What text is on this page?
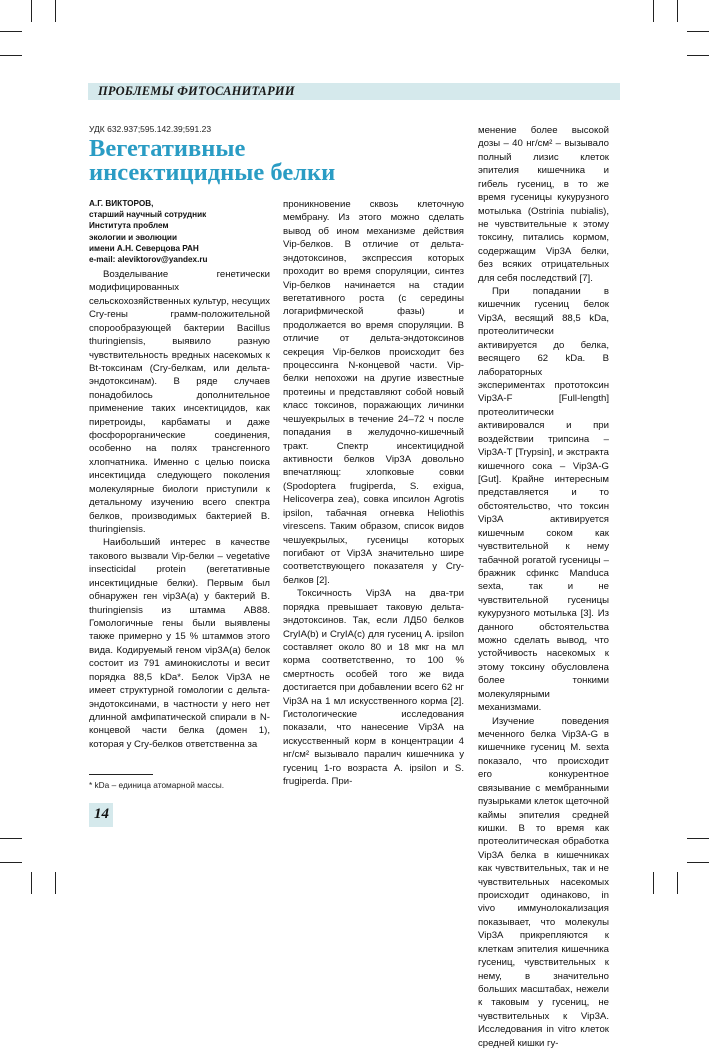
ПРОБЛЕМЫ ФИТОСАНИТАРИИ
УДК 632.937;595.142.39;591.23
Вегетативные
инсектицидные белки
А.Г. ВИКТОРОВ,
старший научный сотрудник
Института проблем
экологии и эволюции
имени А.Н. Северцова РАН
e-mail: aleviktorov@yandex.ru

Возделывание генетически модифицированных сельскохозяйственных культур, несущих Cry-гены грамм-положительной спорообразующей бактерии Bacillus thuringiensis, выявило разную чувствительность вредных насекомых к Bt-токсинам (Cry-белкам, или дельта-эндотоксинам). В ряде случаев понадобилось дополнительное применение таких инсектицидов, как пиретроиды, карбаматы и даже фосфорорганические соединения, особенно на полях трансгенного хлопчатника. Именно с целью поиска инсектицида следующего поколения молекулярные биологи приступили к детальному изучению всего спектра белков, производимых бактерией B. thuringiensis.

Наибольший интерес в качестве такового вызвали Vip-белки – vegetative insecticidal protein (вегетативные инсектицидные белки). Первым был обнаружен ген vip3A(a) у бактерий B. thuringiensis из штамма AB88. Гомологичные гены были выявлены также примерно у 15 % штаммов этого вида. Кодируемый геном vip3A(a) белок состоит из 791 аминокислоты и весит порядка 88,5 kDa*. Белок Vip3A не имеет структурной гомологии с дельта-эндотоксинами, в частности у него нет длинной амфипатической спирали в N-концевой части белка (домен 1), которая у Cry-белков ответственна за

проникновение сквозь клеточную мембрану. Из этого можно сделать вывод об ином механизме действия Vip-белков. В отличие от дельта-эндотоксинов, экспрессия которых проходит во время споруляции, синтез Vip-белков начинается на стадии вегетативного роста (с середины логарифмической фазы) и продолжается во время споруляции. В отличие от дельта-эндотоксинов секреция Vip-белков происходит без процессинга N-концевой части. Vip-белки непохожи на другие известные протеины и представляют собой новый класс токсинов, поражающих личинки чешуекрылых в течение 24–72 ч после попадания в желудочно-кишечный тракт. Спектр инсектицидной активности белков Vip3A довольно впечатляющ: хлопковые совки (Spodoptera frugiperda, S. exigua, Helicoverpa zea), совка ипсилон Agrotis ipsilon, табачная огневка Heliothis virescens. Таким образом, список видов чешуекрылых, гусеницы которых погибают от Vip3A значительно шире соответствующего показателя у Cry-белков [2].

Токсичность Vip3A на два-три порядка превышает таковую дельта-эндотоксинов. Так, если ЛД50 белков CryIA(b) и CryIA(c) для гусениц A. ipsilon составляет около 80 и 18 мкг на мл корма соответственно, то 100 % смертность особей того же вида достигается при добавлении всего 62 нг Vip3A на 1 мл искусственного корма [2]. Гистологические исследования показали, что нанесение Vip3A на искусственный корм в концентрации 4 нг/см² вызывало паралич кишечника у гусениц 1-го возраста A. ipsilon и S. frugiperda. При-

менение более высокой дозы – 40 нг/см² – вызывало полный лизис клеток эпителия кишечника и гибель гусениц, в то же время гусеницы кукурузного мотылька (Ostrinia nubialis), не чувствительные к этому токсину, питались кормом, содержащим Vip3A белки, без всяких отрицательных для себя последствий [7].

При попадании в кишечник гусениц белок Vip3A, весящий 88,5 kDa, протеолитически активируется до белка, весящего 62 kDa. В лабораторных экспериментах прототоксин Vip3A-F [Full-length] протеолитически активировался и при воздействии трипсина – Vip3A-T [Trypsin], и экстракта кишечного сока – Vip3A-G [Gut]. Крайне интересным представляется и то обстоятельство, что токсин Vip3A активируется кишечным соком как чувствительной к нему табачной рогатой гусеницы – бражник сфинкс Manduca sexta, так и не чувствительной гусеницы кукурузного мотылька [3]. Из данного обстоятельства можно сделать вывод, что устойчивость насекомых к этому токсину обусловлена более тонкими молекулярными механизмами.

Изучение поведения меченного белка Vip3A-G в кишечнике гусениц M. sexta показало, что происходит его конкурентное связывание с мембранными пузырьками клеток щеточной каймы эпителия средней кишки. В то время как протеолитическая обработка Vip3A белка в кишечниках как чувствительных, так и не чувствительных насекомых происходит одинаково, in vivo иммунолокализация показывает, что молекулы Vip3A прикрепляются к клеткам эпителия кишечника гусениц, чувствительных к нему, в значительно больших масштабах, нежели к таковым у гусениц, не чувствительных к Vip3A. Исследования in vitro клеток средней кишки гу-

* kDa – единица атомарной массы.
14
